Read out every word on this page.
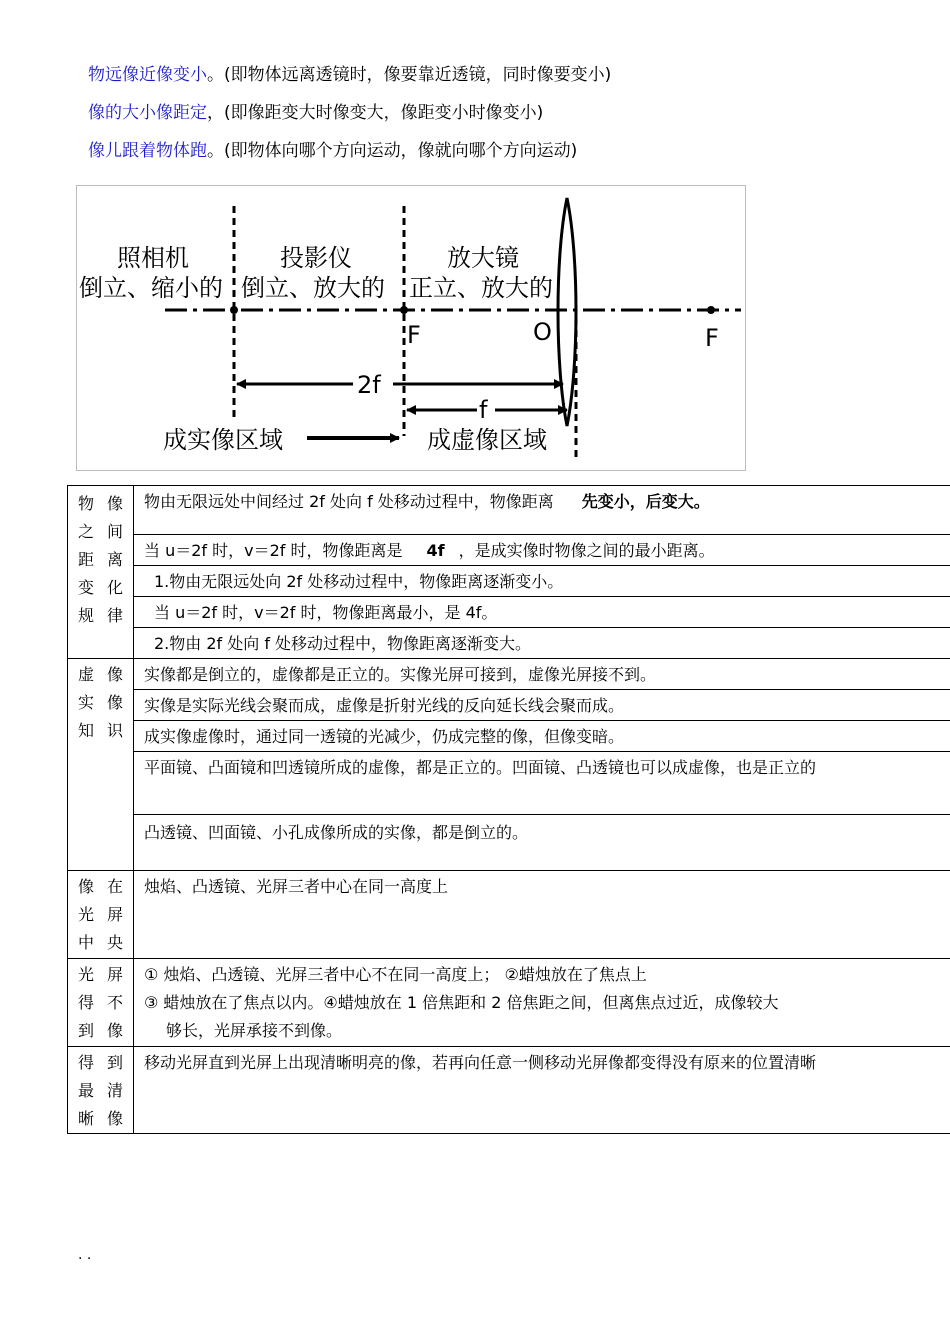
物远像近像变小。(即物体远离透镜时，像要靠近透镜，同时像要变小)
像的大小像距定，(即像距变大时像变大，像距变小时像变小)
像儿跟着物体跑。(即物体向哪个方向运动，像就向哪个方向运动)
照相机
倒立、缩小的
投影仪
倒立、放大的
放大镜
正立、放大的
F	O	F
2f
f
成实像区域	成虚像区域
物像之间距离变化规律	物由无限远处中间经过 2f 处向 f 处移动过程中，物像距离 先变小，后变大。
	当 u＝2f 时，v＝2f 时，物像距离是 4f ，是成实像时物像之间的最小距离。
	1.物由无限远处向 2f 处移动过程中，物像距离逐渐变小。
	当 u＝2f 时，v＝2f 时，物像距离最小，是 4f。
	2.物由 2f 处向 f 处移动过程中，物像距离逐渐变大。
虚像实像知识	实像都是倒立的，虚像都是正立的。实像光屏可接到，虚像光屏接不到。
	实像是实际光线会聚而成，虚像是折射光线的反向延长线会聚而成。
	成实像虚像时，通过同一透镜的光减少，仍成完整的像，但像变暗。
	平面镜、凸面镜和凹透镜所成的虚像，都是正立的。凹面镜、凸透镜也可以成虚像，也是正立的
	凸透镜、凹面镜、小孔成像所成的实像，都是倒立的。
像在光屏中央	烛焰、凸透镜、光屏三者中心在同一高度上
光屏得不到像	① 烛焰、凸透镜、光屏三者中心不在同一高度上； ②蜡烛放在了焦点上
③ 蜡烛放在了焦点以内。④蜡烛放在 1 倍焦距和 2 倍焦距之间，但离焦点过近，成像较大
够长，光屏承接不到像。

得到最清晰像	移动光屏直到光屏上出现清晰明亮的像，若再向任意一侧移动光屏像都变得没有原来的位置清晰
. .
